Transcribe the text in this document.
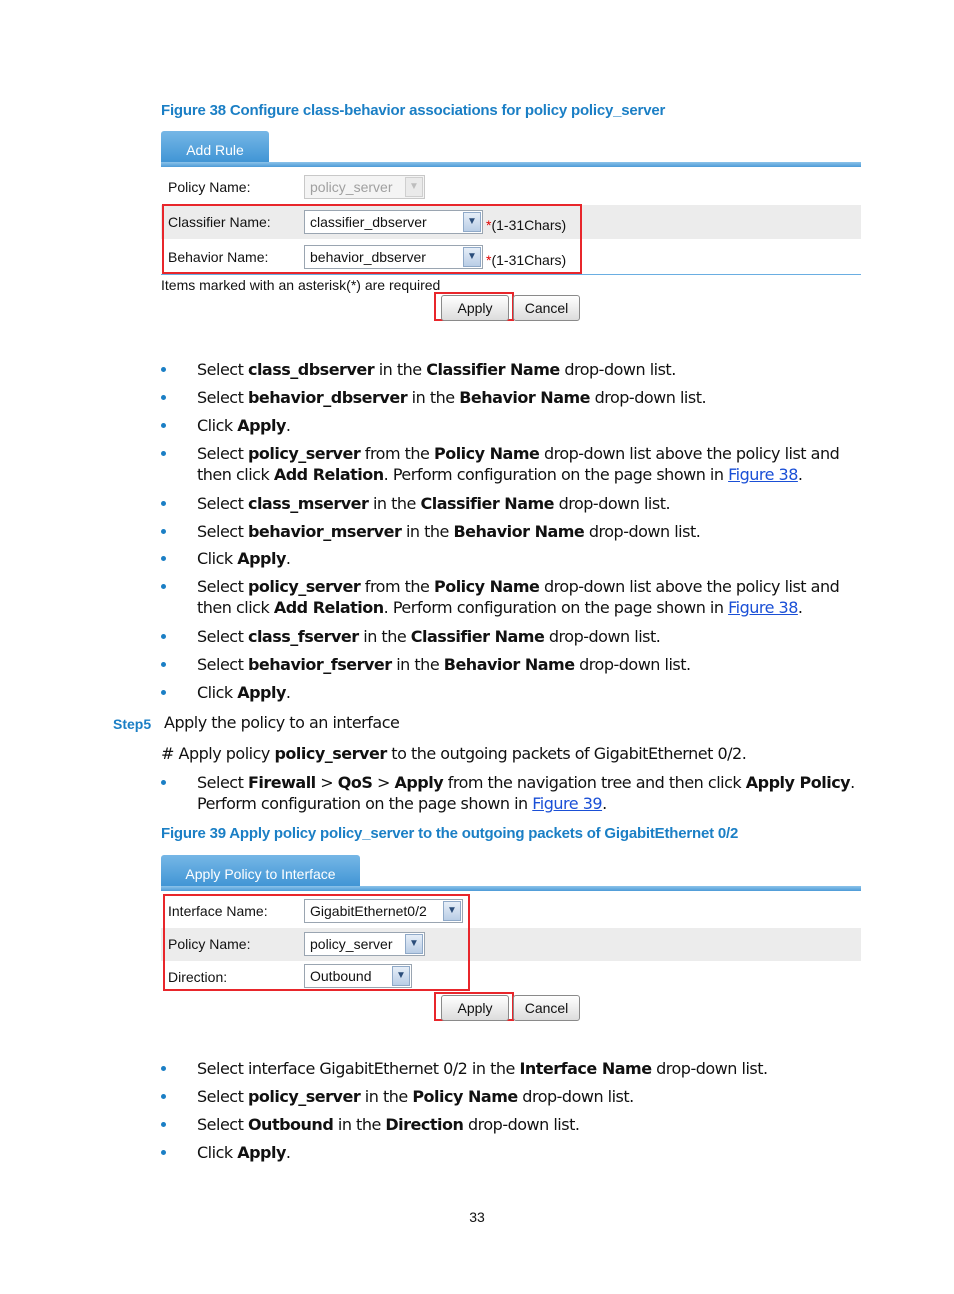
Figure 38 Configure class-behavior associations for policy policy_server
Add Rule
Policy Name:	policy_server	▼
Classifier Name:	classifier_dbserver	▼ *(1-31Chars)
Behavior Name:	behavior_dbserver	▼ *(1-31Chars)
Items marked with an asterisk(*) are required
Apply	Cancel
Select class_dbserver in the Classifier Name drop-down list.
Select behavior_dbserver in the Behavior Name drop-down list.
Click Apply.
Select policy_server from the Policy Name drop-down list above the policy list and then click Add Relation. Perform configuration on the page shown in Figure 38.
Select class_mserver in the Classifier Name drop-down list.
Select behavior_mserver in the Behavior Name drop-down list.
Click Apply.
Select policy_server from the Policy Name drop-down list above the policy list and then click Add Relation. Perform configuration on the page shown in Figure 38.
Select class_fserver in the Classifier Name drop-down list.
Select behavior_fserver in the Behavior Name drop-down list.
Click Apply.
Step5 Apply the policy to an interface
# Apply policy policy_server to the outgoing packets of GigabitEthernet 0/2.
Select Firewall > QoS > Apply from the navigation tree and then click Apply Policy. Perform configuration on the page shown in Figure 39.
Figure 39 Apply policy policy_server to the outgoing packets of GigabitEthernet 0/2
Apply Policy to Interface
Interface Name:	GigabitEthernet0/2	▼
Policy Name:	policy_server	▼
Direction:	Outbound	▼
Apply	Cancel
Select interface GigabitEthernet 0/2 in the Interface Name drop-down list.
Select policy_server in the Policy Name drop-down list.
Select Outbound in the Direction drop-down list.
Click Apply.
33
